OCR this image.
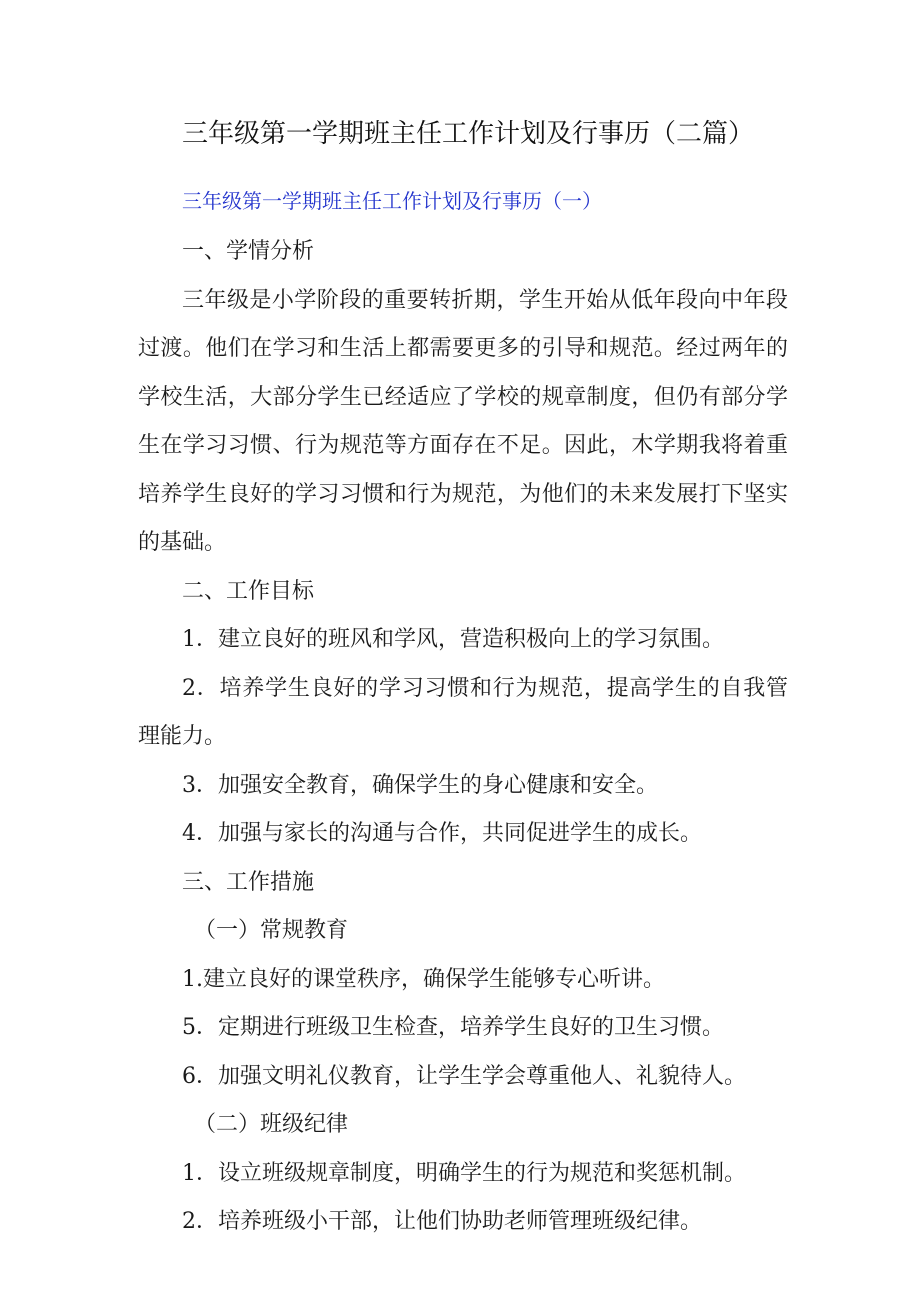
三年级第一学期班主任工作计划及行事历（二篇）
三年级第一学期班主任工作计划及行事历（一）

一、学情分析

三年级是小学阶段的重要转折期，学生开始从低年段向中年段过渡。他们在学习和生活上都需要更多的引导和规范。经过两年的学校生活，大部分学生已经适应了学校的规章制度，但仍有部分学生在学习习惯、行为规范等方面存在不足。因此，木学期我将着重培养学生良好的学习习惯和行为规范，为他们的未来发展打下坚实的基础。

二、工作目标

1．建立良好的班风和学风，营造积极向上的学习氛围。

2．培养学生良好的学习习惯和行为规范，提高学生的自我管理能力。

3．加强安全教育，确保学生的身心健康和安全。

4．加强与家长的沟通与合作，共同促进学生的成长。

三、工作措施

（一）常规教育

1.建立良好的课堂秩序，确保学生能够专心听讲。

5．定期进行班级卫生检查，培养学生良好的卫生习惯。

6．加强文明礼仪教育，让学生学会尊重他人、礼貌待人。

（二）班级纪律

1．设立班级规章制度，明确学生的行为规范和奖惩机制。

2．培养班级小干部，让他们协助老师管理班级纪律。
